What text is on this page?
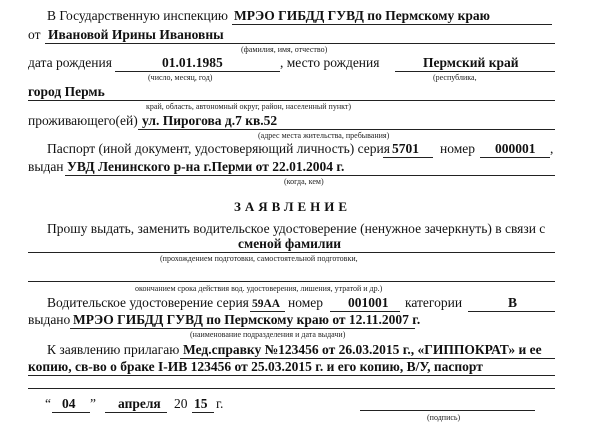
В Государственную инспекцию МРЭО ГИБДД ГУВД по Пермскому краю
от Ивановой Ирины Ивановны
(фамилия, имя, отчество)
дата рождения	01.01.1985	, место рождения	Пермский край
(число, месяц, год)	(республика,
город Пермь
край, область, автономный округ, район, населенный пункт)
проживающего(ей) ул. Пирогова д.7 кв.52
(адрес места жительства, пребывания)
Паспорт (иной документ, удостоверяющий личность) серия 5701 номер 000001 ,
выдан УВД Ленинского р-на г.Перми от 22.01.2004 г.
(когда, кем)
ЗАЯВЛЕНИЕ
Прошу выдать, заменить водительское удостоверение (ненужное зачеркнуть) в связи с
сменой фамилии
(прохождением подготовки, самостоятельной подготовки,
окончанием срока действия вод. удостоверения, лишения, утратой и др.)
Водительское удостоверение серия 59АА номер 001001 категории	В
выдано МРЭО ГИБДД ГУВД по Пермскому краю от 12.11.2007 г.
(наименование подразделения и дата выдачи)
К заявлению прилагаю Мед.справку №123456 от 26.03.2015 г., «ГИППОКРАТ» и ее
копию, св-во о браке I-ИВ 123456 от 25.03.2015 г. и его копию, В/У, паспорт
“ 04 ” апреля 20 15 г.
(подпись)
